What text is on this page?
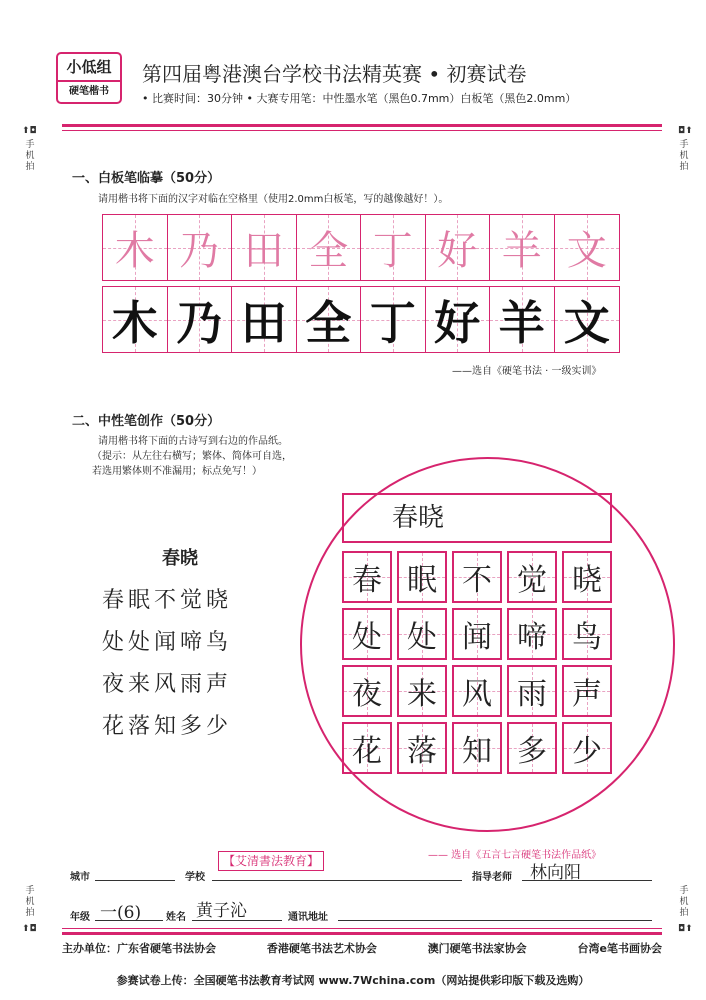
小低组
硬笔楷书
第四届粤港澳台学校书法精英赛 • 初赛试卷
• 比赛时间：30分钟 • 大赛专用笔：中性墨水笔（黑色0.7mm）白板笔（黑色2.0mm）
⬆◘
手机拍
◘⬆
手机拍
手机拍
⬆◘
手机拍
◘⬆
一、白板笔临摹（50分）
请用楷书将下面的汉字对临在空格里（使用2.0mm白板笔，写的越像越好！）。
木 乃 田 全 丁 好 羊 文
木 乃 田 全 丁 好 羊 文
——选自《硬笔书法 · 一级实训》
二、中性笔创作（50分）
请用楷书将下面的古诗写到右边的作品纸。
（提示：从左往右横写；繁体、简体可自选，
若选用繁体则不准漏用；标点免写！）
春晓
春眠不觉晓
处处闻啼鸟
夜来风雨声
花落知多少
春晓
春 眠 不 觉 晓
处 处 闻 啼 鸟
夜 来 风 雨 声
花 落 知 多 少
—— 选自《五言七言硬笔书法作品纸》
城市	学校
【艾清書法教育】
指导老师 林向阳
年级 一(6) 姓名 黄子沁	通讯地址
主办单位：广东省硬笔书法协会	香港硬笔书法艺术协会	澳门硬笔书法家协会	台湾e笔书画协会
参赛试卷上传：全国硬笔书法教育考试网 www.7Wchina.com（网站提供彩印版下载及选购）
